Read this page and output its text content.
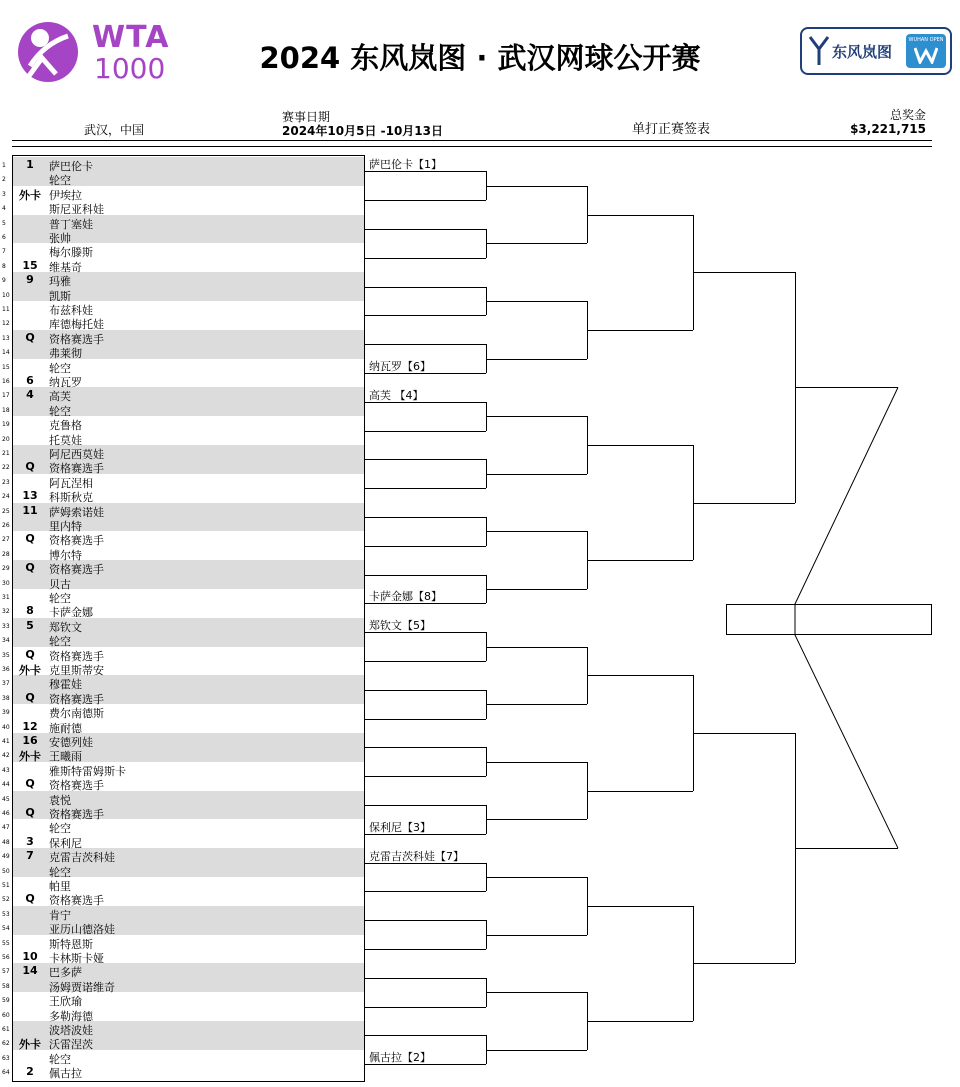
WTA
1000	2024 东风岚图 · 武汉网球公开赛	东风岚图
WUHAN OPEN
武汉，中国
赛事日期
2024年10月5日 -10月13日	单打正赛签表
总奖金
$3,221,715
1	1	萨巴伦卡
2	轮空
3	外卡 伊埃拉
4	斯尼亚科娃
5	普丁塞娃
6	张帅
7	梅尔滕斯
8	15	维基奇
9	9	玛雅
10	凯斯
11	布兹科娃
12	库德梅托娃
13	Q	资格赛选手
14	弗莱彻
15	轮空
16	6	纳瓦罗
17	4	高芙
18	轮空
19	克鲁格
20	托莫娃
21	阿尼西莫娃
22	Q	资格赛选手
23	阿瓦涅相
24	13	科斯秋克
25	11	萨姆索诺娃
26	里内特
27	Q	资格赛选手
28	博尔特
29	Q	资格赛选手
30	贝古
31	轮空
32	8	卡萨金娜
33	5	郑钦文
34	轮空
35	Q	资格赛选手
36 外卡 克里斯蒂安
37	穆霍娃
38	Q	资格赛选手
39	费尔南德斯
40	12	施耐德
41	16	安德列娃
42 外卡 王曦雨
43	雅斯特雷姆斯卡
44	Q	资格赛选手
45	袁悦
46	Q	资格赛选手
47	轮空
48	3	保利尼
49	7	克雷吉茨科娃
50	轮空
51	帕里
52	Q	资格赛选手
53	肯宁
54	亚历山德洛娃
55	斯特恩斯
56	10	卡林斯卡娅
57	14	巴多萨
58	汤姆贾诺维奇
59	王欣瑜
60	多勒海德
61	波塔波娃
62 外卡 沃雷涅茨
63	轮空
64	2	佩古拉
萨巴伦卡【1】
纳瓦罗【6】
高芙 【4】
卡萨金娜【8】
郑钦文【5】
保利尼【3】
克雷吉茨科娃【7】
佩古拉【2】
